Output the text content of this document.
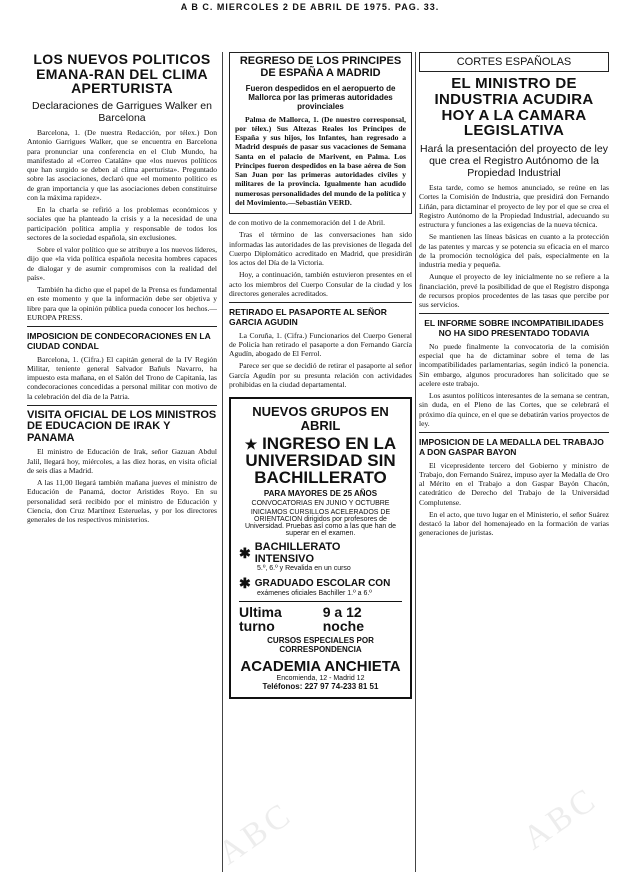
A B C. MIERCOLES 2 DE ABRIL DE 1975. PAG. 33.
LOS NUEVOS POLITICOS EMANA-RAN DEL CLIMA APERTURISTA
Declaraciones de Garrigues Walker en Barcelona

Barcelona, 1. (De nuestra Redacción, por télex.) Don Antonio Garrigues Walker, que se encuentra en Barcelona para pronunciar una conferencia en el Club Mundo, ha manifestado al «Correo Catalán» que «los nuevos políticos que han surgido se deben al clima aperturista». Preguntado sobre las asociaciones, declaró que «el momento político es de gran importancia y que las asociaciones deben constituirse con la máxima rapidez».

En la charla se refirió a los problemas económicos y sociales que ha planteado la crisis y a la necesidad de una participación política amplia y responsable de todos los sectores de la sociedad española, sin exclusiones.

Sobre el valor político que se atribuye a los nuevos líderes, dijo que «la vida política española necesita hombres capaces de dialogar y de asumir compromisos con la realidad del país».

También ha dicho que el papel de la Prensa es fundamental en este momento y que la información debe ser objetiva y libre para que la opinión pública pueda conocer los hechos.—EUROPA PRESS.

IMPOSICION DE CONDECORACIONES EN LA CIUDAD CONDAL

Barcelona, 1. (Cifra.) El capitán general de la IV Región Militar, teniente general Salvador Bañuls Navarro, ha impuesto esta mañana, en el Salón del Trono de Capitanía, las condecoraciones concedidas a personal militar con motivo de la celebración del día de la Patria.

VISITA OFICIAL DE LOS MINISTROS DE EDUCACION DE IRAK Y PANAMA

El ministro de Educación de Irak, señor Gazuan Abdul Jalil, llegará hoy, miércoles, a las diez horas, en visita oficial de seis días a Madrid.

A las 11,00 llegará también mañana jueves el ministro de Educación de Panamá, doctor Aristides Royo. En su personalidad será recibido por el ministro de Educación y Ciencia, don Cruz Martínez Esteruelas, y por los directores generales de los respectivos ministerios.

REGRESO DE LOS PRINCIPES DE ESPAÑA A MADRID
Fueron despedidos en el aeropuerto de Mallorca por las primeras autoridades provinciales

Palma de Mallorca, 1. (De nuestro corresponsal, por télex.) Sus Altezas Reales los Príncipes de España y sus hijos, los Infantes, han regresado a Madrid después de pasar sus vacaciones de Semana Santa en el palacio de Marivent, en Palma. Los Príncipes fueron despedidos en la base aérea de Son San Juan por las primeras autoridades civiles y militares de la provincia. Igualmente han acudido numerosas personalidades del mundo de la política y del Movimiento.—Sebastián VERD.

de con motivo de la conmemoración del 1 de Abril.

Tras el término de las conversaciones han sido informadas las autoridades de las previsiones de llegada del Cuerpo Diplomático acreditado en Madrid, que presidirán los actos del Día de la Victoria.

Hoy, a continuación, también estuvieron presentes en el acto los miembros del Cuerpo Consular de la ciudad y los directores generales acreditados.

RETIRADO EL PASAPORTE AL SEÑOR GARCIA AGUDIN

La Coruña, 1. (Cifra.) Funcionarios del Cuerpo General de Policía han retirado el pasaporte a don Fernando García Agudín, abogado de El Ferrol.

Parece ser que se decidió de retirar el pasaporte al señor García Agudín por su presunta relación con actividades prohibidas en la ciudad departamental.

NUEVOS GRUPOS EN ABRIL
★ INGRESO EN LA UNIVERSIDAD SIN BACHILLERATO
PARA MAYORES DE 25 AÑOS
CONVOCATORIAS EN JUNIO Y OCTUBRE
INICIAMOS CURSILLOS ACELERADOS DE ORIENTACION dirigidos por profesores de Universidad. Pruebas así como a las que han de superar en el examen.
✱ BACHILLERATO INTENSIVO
5.º, 6.º y Revalida en un curso
✱ GRADUADO ESCOLAR CON
exámenes oficiales Bachiller 1.º a 6.º
Ultima turno
9 a 12 noche
CURSOS ESPECIALES POR CORRESPONDENCIA
ACADEMIA ANCHIETA
Encomienda, 12 - Madrid 12
Teléfonos: 227 97 74-233 81 51
CORTES ESPAÑOLAS
EL MINISTRO DE INDUSTRIA ACUDIRA HOY A LA CAMARA LEGISLATIVA
Hará la presentación del proyecto de ley que crea el Registro Autónomo de la Propiedad Industrial

Esta tarde, como se hemos anunciado, se reúne en las Cortes la Comisión de Industria, que presidirá don Fernando Liñán, para dictaminar el proyecto de ley por el que se crea el Registro Autónomo de la Propiedad Industrial, adecuando su estructura y funciones a las exigencias de la nueva técnica.

Se mantienen las líneas básicas en cuanto a la protección de las patentes y marcas y se potencia su eficacia en el marco de la promoción tecnológica del país, especialmente en la industria media y pequeña.

Aunque el proyecto de ley inicialmente no se refiere a la financiación, prevé la posibilidad de que el Registro disponga de recursos propios procedentes de las tasas que percibe por sus servicios.

EL INFORME SOBRE INCOMPATIBILIDADES NO HA SIDO PRESENTADO TODAVIA

No puede finalmente la convocatoria de la comisión especial que ha de dictaminar sobre el tema de las incompatibilidades parlamentarias, según indicó la ponencia. Sin embargo, algunos procuradores han solicitado que se acelere este trabajo.

Los asuntos políticos interesantes de la semana se centran, sin duda, en el Pleno de las Cortes, que se celebrará el próximo día quince, en el que se debatirán varios proyectos de ley.

IMPOSICION DE LA MEDALLA DEL TRABAJO A DON GASPAR BAYON

El vicepresidente tercero del Gobierno y ministro de Trabajo, don Fernando Suárez, impuso ayer la Medalla de Oro al Mérito en el Trabajo a don Gaspar Bayón Chacón, catedrático de Derecho del Trabajo de la Universidad Complutense.

En el acto, que tuvo lugar en el Ministerio, el señor Suárez destacó la labor del homenajeado en la formación de varias generaciones de juristas.

ABC	ABC
